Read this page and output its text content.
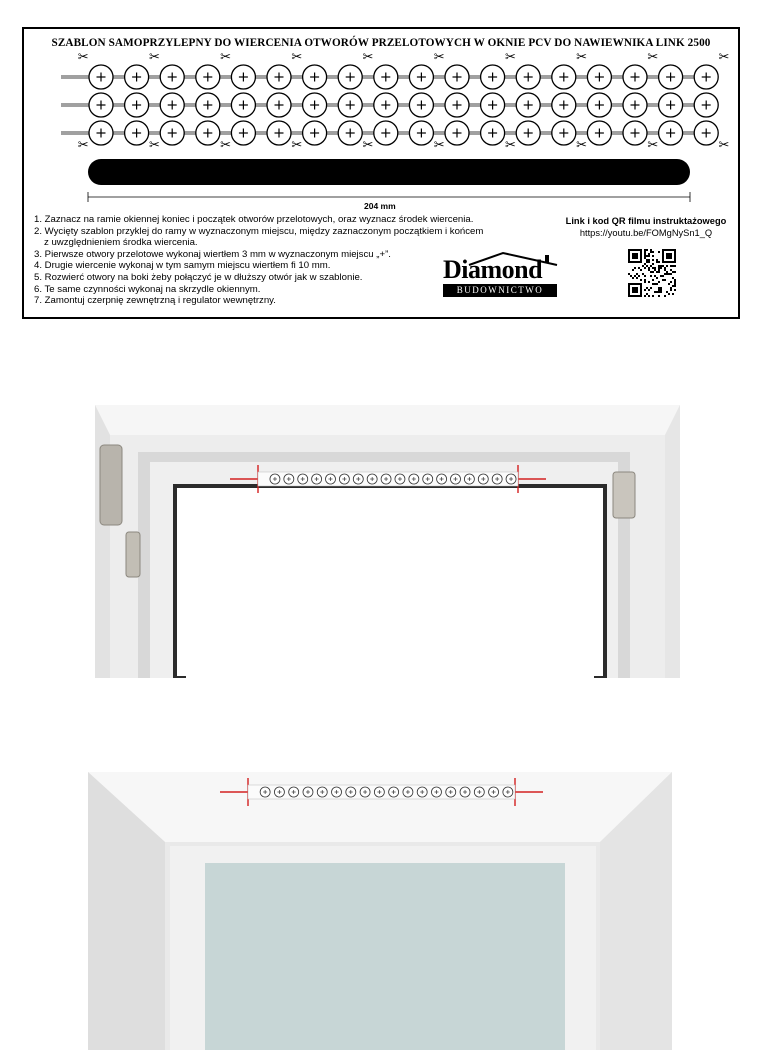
✂
✂
✂
✂
✂
✂
✂
✂
✂
✂
✂
✂
✂
✂
✂
✂
✂
✂
✂
✂
SZABLON SAMOPRZYLEPNY DO WIERCENIA OTWORÓW PRZELOTOWYCH W OKNIE PCV DO NAWIEWNIKA LINK 2500
204 mm
1. Zaznacz na ramie okiennej koniec i początek otworów przelotowych, oraz wyznacz środek wiercenia.
2. Wycięty szablon przyklej do ramy w wyznaczonym miejscu, między zaznaczonym początkiem i końcem
z uwzględnieniem środka wiercenia.
3. Pierwsze otwory przelotowe wykonaj wiertłem 3 mm w wyznaczonym miejscu „+”.
4. Drugie wiercenie wykonaj w tym samym miejscu wiertłem fi 10 mm.
5. Rozwierć otwory na boki żeby połączyć je w dłuższy otwór jak w szablonie.
6. Te same czynności wykonaj na skrzydle okiennym.
7. Zamontuj czerpnię zewnętrzną i regulator wewnętrzny.
Diamond
BUDOWNICTWO
Link i kod QR filmu instruktażowego
https://youtu.be/FOMgNySn1_Q
